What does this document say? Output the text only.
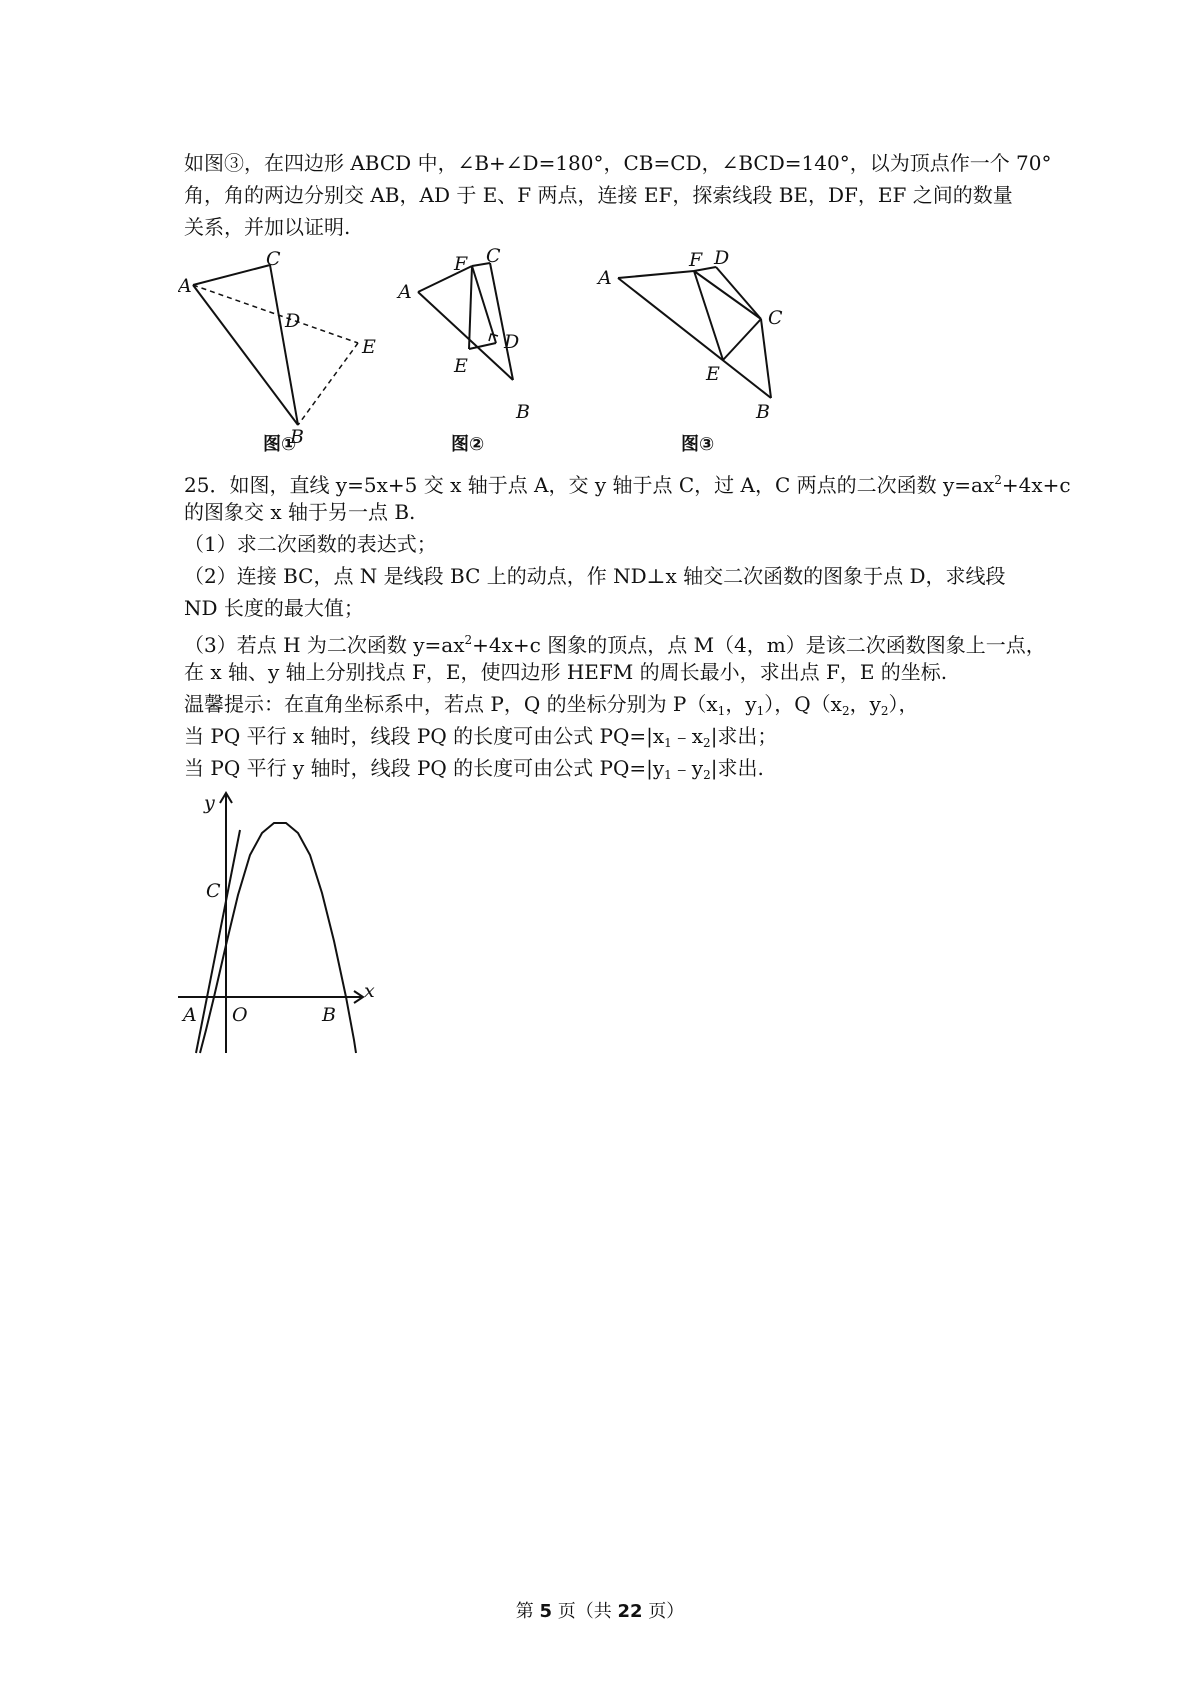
如图③，在四边形 ABCD 中，∠B+∠D=180°，CB=CD，∠BCD=140°，以为顶点作一个 70°
角，角的两边分别交 AB，AD 于 E、F 两点，连接 EF，探索线段 BE，DF，EF 之间的数量
关系，并加以证明.
C
A
D
E
B
图①
F C
A
D
E
B
图②
F D
A
C
E
B
图③
25．如图，直线 y=5x+5 交 x 轴于点 A，交 y 轴于点 C，过 A，C 两点的二次函数 $y=ax^2+4x+c$
的图象交 x 轴于另一点 B.
（1）求二次函数的表达式；
（2）连接 BC，点 N 是线段 BC 上的动点，作 ND⊥x 轴交二次函数的图象于点 D，求线段
ND 长度的最大值；
（3）若点 H 为二次函数 $y=ax^2+4x+c$ 图象的顶点，点 M（4，m）是该二次函数图象上一点，
在 x 轴、y 轴上分别找点 F，E，使四边形 HEFM 的周长最小，求出点 F，E 的坐标.
温馨提示：在直角坐标系中，若点 P，Q 的坐标分别为 $P(x_1$，$y_1$），$Q(x_2$，$y_2$），
当 PQ 平行 x 轴时，线段 PQ 的长度可由公式 $PQ=|x_1﹣x_2|$求出；
当 PQ 平行 y 轴时，线段 PQ 的长度可由公式 $PQ=|y_1﹣y_2|$求出.
y
x
C
A O	B
第 5 页（共 22 页）
